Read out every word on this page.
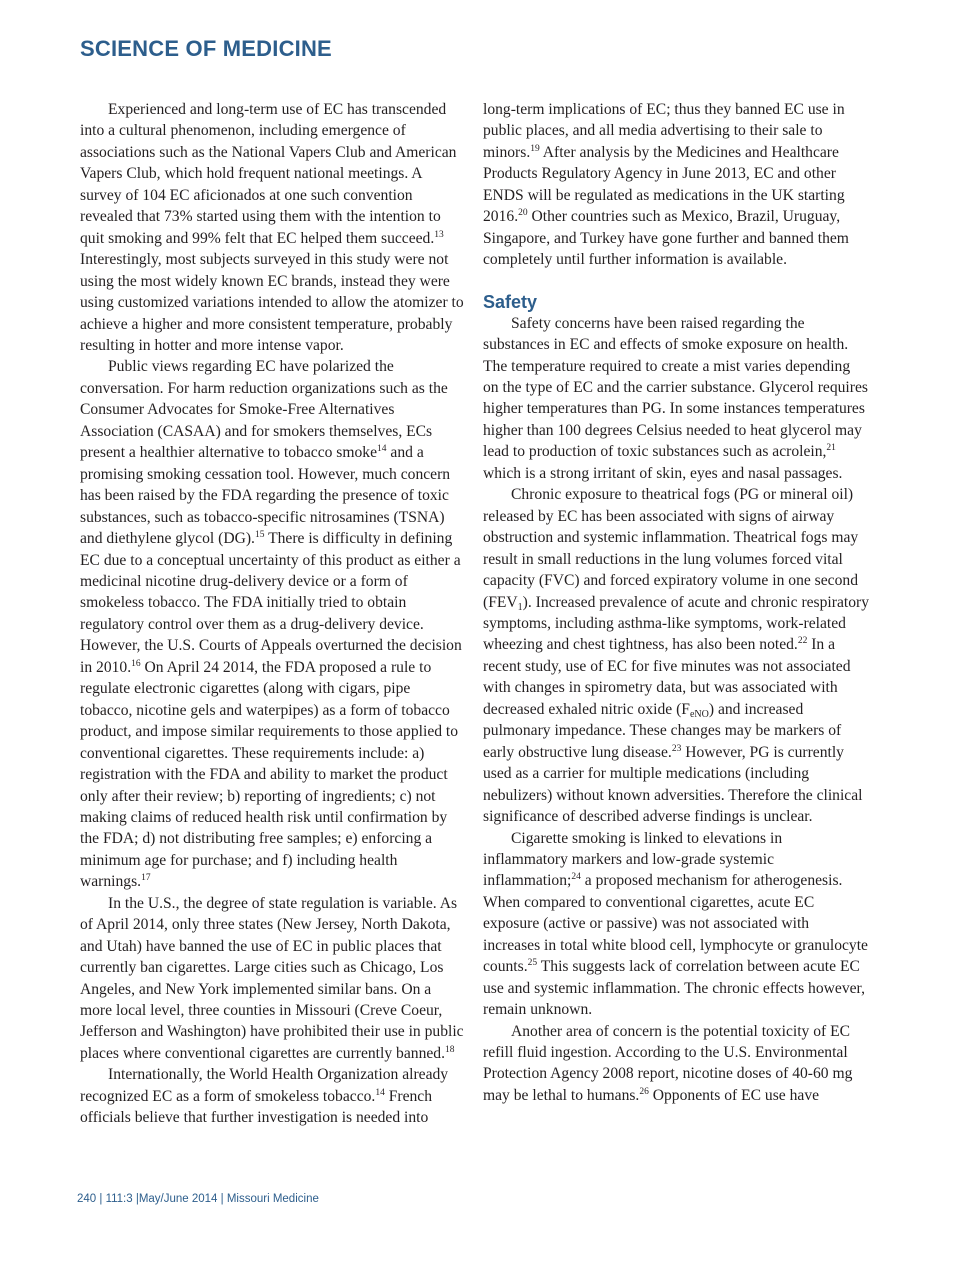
SCIENCE OF MEDICINE

Experienced and long-term use of EC has transcended into a cultural phenomenon, including emergence of associations such as the National Vapers Club and American Vapers Club, which hold frequent national meetings. A survey of 104 EC aficionados at one such convention revealed that 73% started using them with the intention to quit smoking and 99% felt that EC helped them succeed.$^{13}$ Interestingly, most subjects surveyed in this study were not using the most widely known EC brands, instead they were using customized variations intended to allow the atomizer to achieve a higher and more consistent temperature, probably resulting in hotter and more intense vapor.

Public views regarding EC have polarized the conversation. For harm reduction organizations such as the Consumer Advocates for Smoke-Free Alternatives Association (CASAA) and for smokers themselves, ECs present a healthier alternative to tobacco smoke$^{14}$ and a promising smoking cessation tool. However, much concern has been raised by the FDA regarding the presence of toxic substances, such as tobacco-specific nitrosamines (TSNA) and diethylene glycol (DG).$^{15}$ There is difficulty in defining EC due to a conceptual uncertainty of this product as either a medicinal nicotine drug-delivery device or a form of smokeless tobacco. The FDA initially tried to obtain regulatory control over them as a drug-delivery device. However, the U.S. Courts of Appeals overturned the decision in 2010.16 On April 24 2014, the FDA proposed a rule to regulate electronic cigarettes (along with cigars, pipe tobacco, nicotine gels and waterpipes) as a form of tobacco product, and impose similar requirements to those applied to conventional cigarettes. These requirements include: a) registration with the FDA and ability to market the product only after their review; b) reporting of ingredients; c) not making claims of reduced health risk until confirmation by the FDA; d) not distributing free samples; e) enforcing a minimum age for purchase; and f) including health warnings.$^{17}$

In the U.S., the degree of state regulation is variable. As of April 2014, only three states (New Jersey, North Dakota, and Utah) have banned the use of EC in public places that currently ban cigarettes. Large cities such as Chicago, Los Angeles, and New York implemented similar bans. On a more local level, three counties in Missouri (Creve Coeur, Jefferson and Washington) have prohibited their use in public places where conventional cigarettes are currently banned.$^{18}$

Internationally, the World Health Organization already recognized EC as a form of smokeless tobacco.$^{14}$ French officials believe that further investigation is needed into

long-term implications of EC; thus they banned EC use in public places, and all media advertising to their sale to minors.$^{19}$ After analysis by the Medicines and Healthcare Products Regulatory Agency in June 2013, EC and other ENDS will be regulated as medications in the UK starting 2016.20 Other countries such as Mexico, Brazil, Uruguay, Singapore, and Turkey have gone further and banned them completely until further information is available.

Safety

Safety concerns have been raised regarding the substances in EC and effects of smoke exposure on health. The temperature required to create a mist varies depending on the type of EC and the carrier substance. Glycerol requires higher temperatures than PG. In some instances temperatures higher than 100 degrees Celsius needed to heat glycerol may lead to production of toxic substances such as acrolein,$^{21}$ which is a strong irritant of skin, eyes and nasal passages.

Chronic exposure to theatrical fogs (PG or mineral oil) released by EC has been associated with signs of airway obstruction and systemic inflammation. Theatrical fogs may result in small reductions in the lung volumes forced vital capacity (FVC) and forced expiratory volume in one second $(FEV_1)$. Increased prevalence of acute and chronic respiratory symptoms, including asthma-like symptoms, work-related wheezing and chest tightness, has also been noted.$^{22}$ In a recent study, use of EC for five minutes was not associated with changes in spirometry data, but was associated with decreased exhaled nitric oxide $(F_{eNO})$ and increased pulmonary impedance. These changes may be markers of early obstructive lung disease.$^{23}$ However, PG is currently used as a carrier for multiple medications (including nebulizers) without known adversities. Therefore the clinical significance of described adverse findings is unclear.

Cigarette smoking is linked to elevations in inflammatory markers and low-grade systemic inflammation;$^{24}$ a proposed mechanism for atherogenesis. When compared to conventional cigarettes, acute EC exposure (active or passive) was not associated with increases in total white blood cell, lymphocyte or granulocyte counts.$^{25}$ This suggests lack of correlation between acute EC use and systemic inflammation. The chronic effects however, remain unknown.

Another area of concern is the potential toxicity of EC refill fluid ingestion. According to the U.S. Environmental Protection Agency 2008 report, nicotine doses of 40-60 mg may be lethal to humans.$^{26}$ Opponents of EC use have

240 | 111:3 |May/June 2014 | Missouri Medicine
